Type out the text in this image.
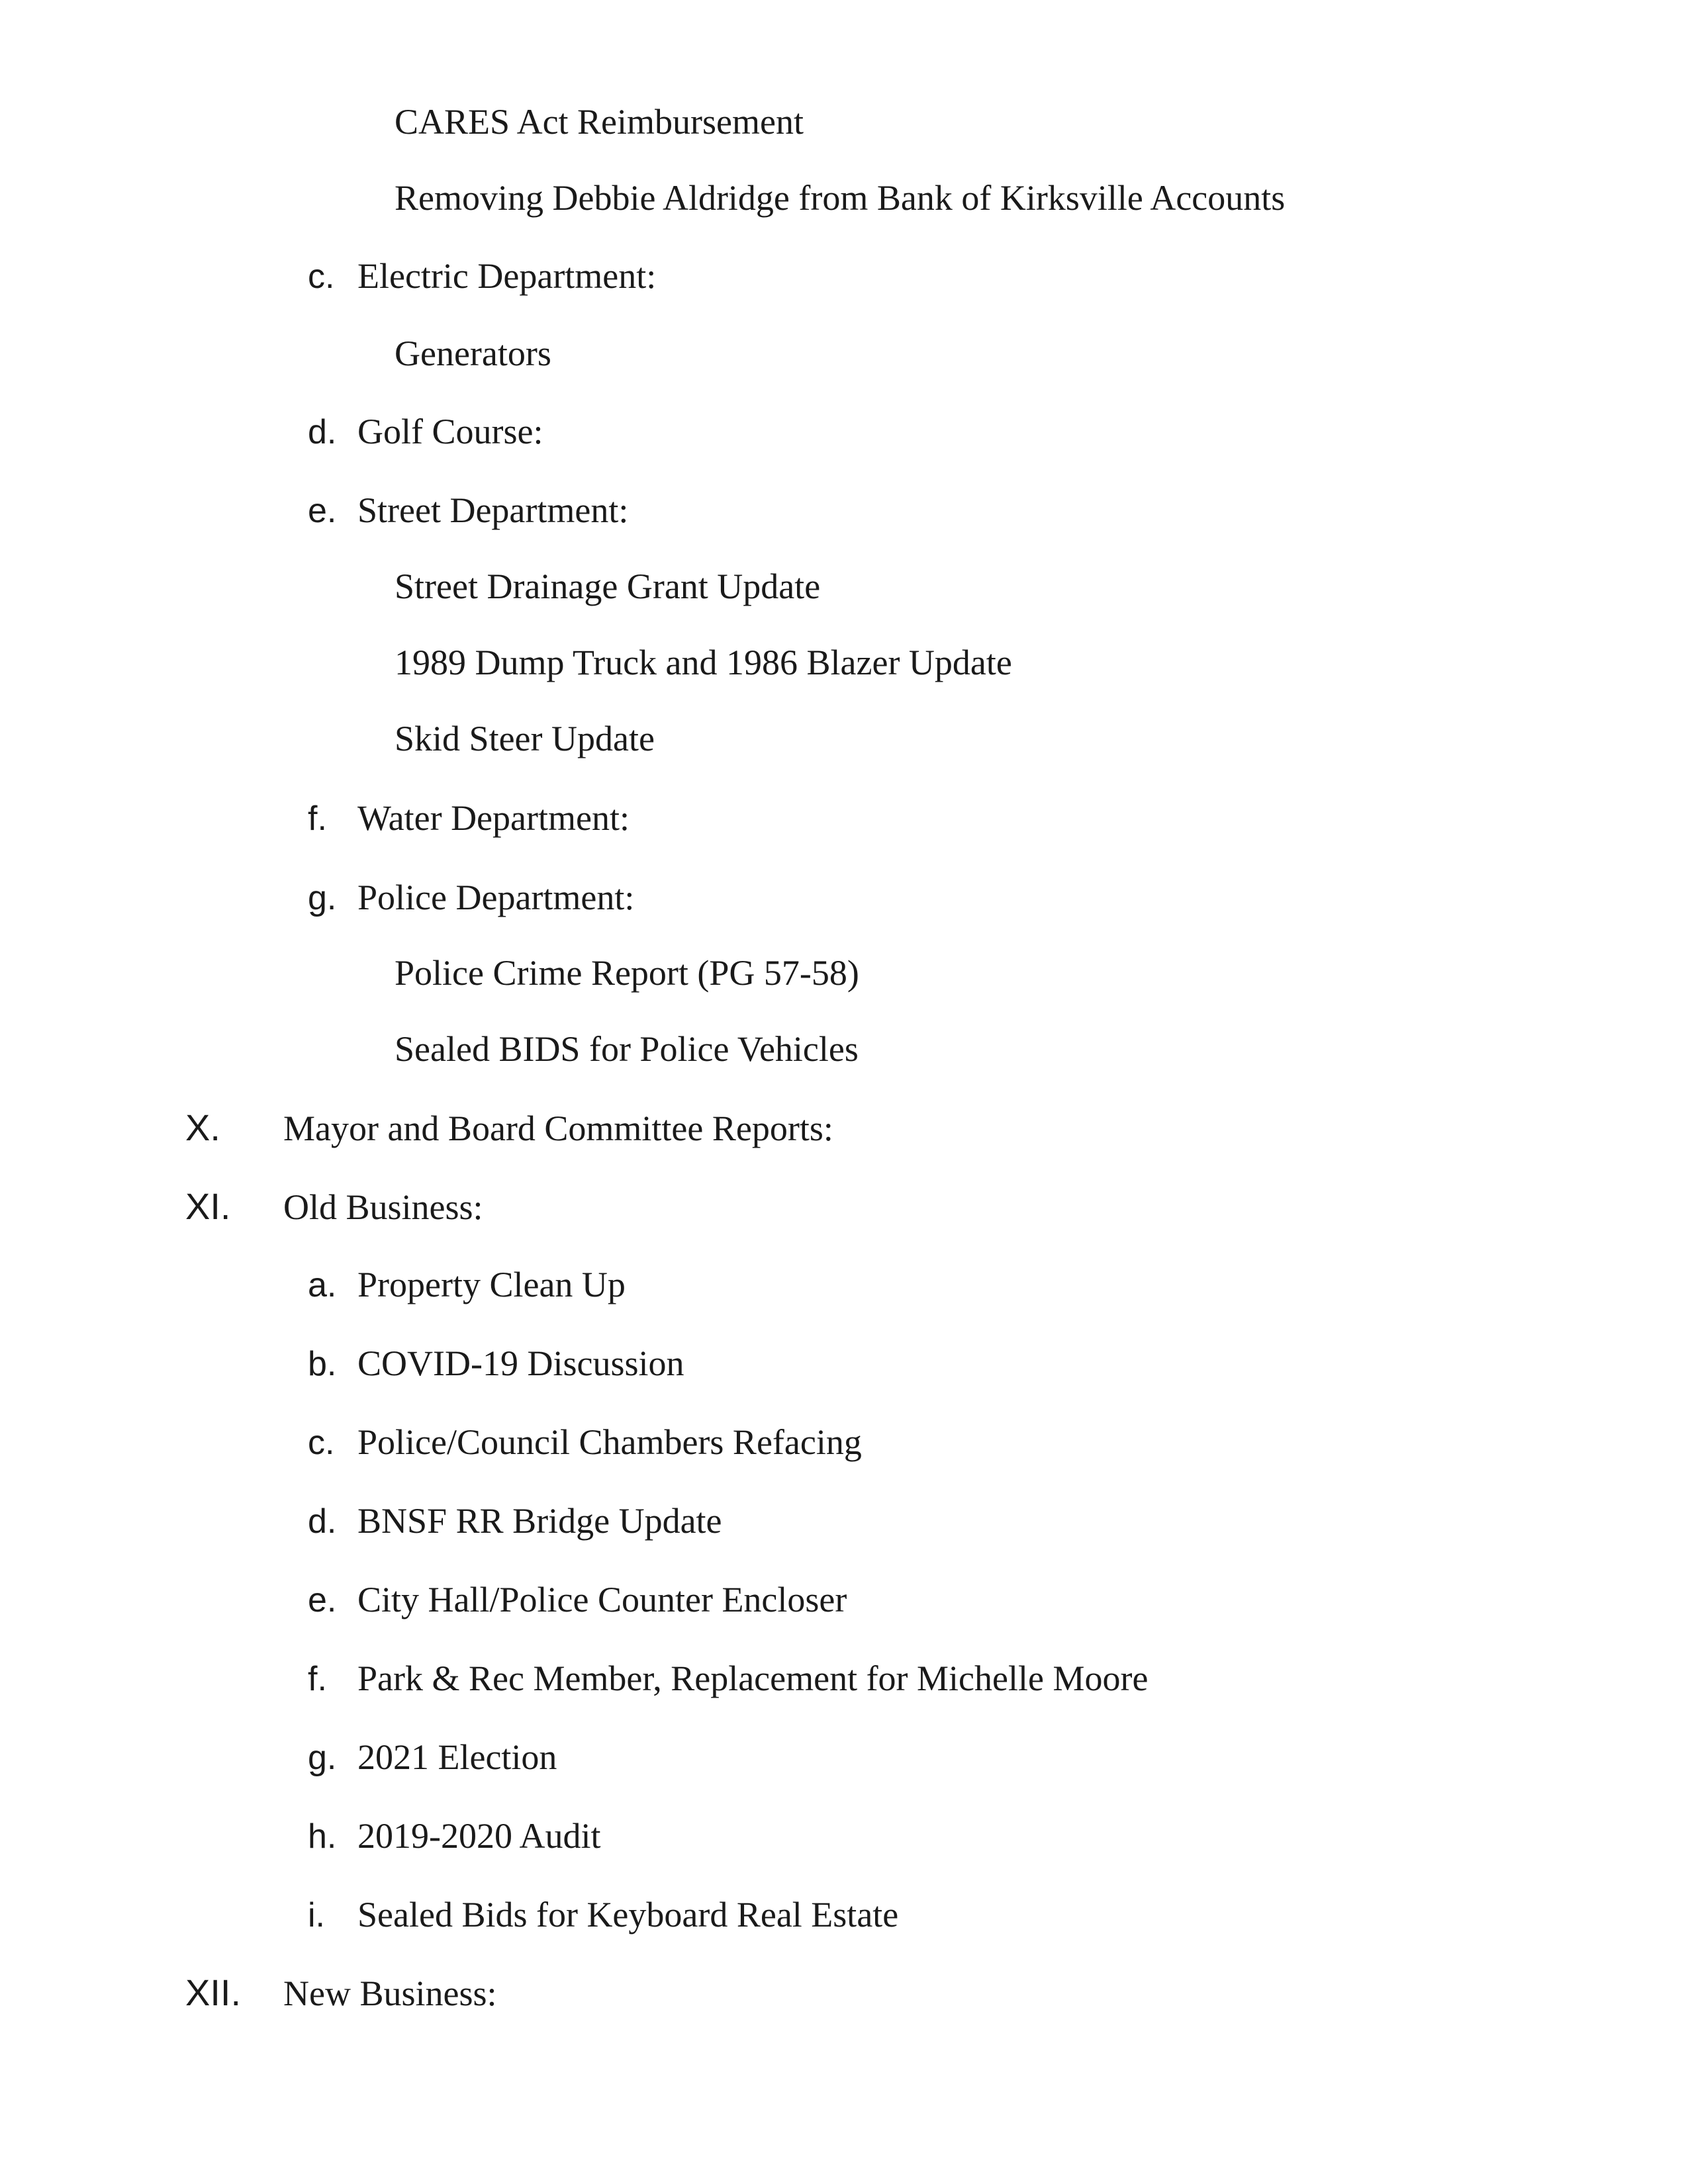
CARES Act Reimbursement
Removing Debbie Aldridge from Bank of Kirksville Accounts
c. Electric Department:
Generators
d. Golf Course:
e. Street Department:
Street Drainage Grant Update
1989 Dump Truck and 1986 Blazer Update
Skid Steer Update
f. Water Department:
g. Police Department:
Police Crime Report (PG 57-58)
Sealed BIDS for Police Vehicles
X. Mayor and Board Committee Reports:
XI. Old Business:
a. Property Clean Up
b. COVID-19 Discussion
c. Police/Council Chambers Refacing
d. BNSF RR Bridge Update
e. City Hall/Police Counter Encloser
f. Park & Rec Member, Replacement for Michelle Moore
g. 2021 Election
h. 2019-2020 Audit
i. Sealed Bids for Keyboard Real Estate
XII. New Business:
